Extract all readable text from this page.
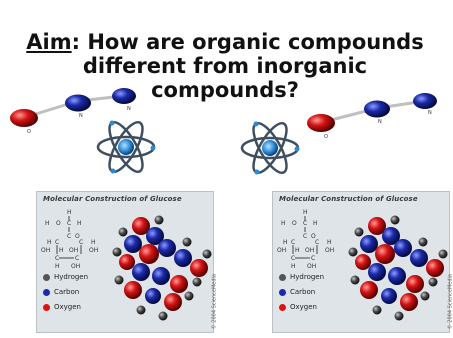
O
N
N
O
N
N
Aim: How are organic compounds
different from inorganic
compounds?
Molecular Construction of Glucose
H
H O C H
C O
H C	C H
OH H OH OH
C	C
H OH
Hydrogen
Carbon
Oxygen	© 2004 ScienceMedia
Molecular Construction of Glucose
H
H O C H
C O
H C	C H
OH H OH OH
C	C
H OH
Hydrogen
Carbon
Oxygen	© 2004 ScienceMedia
